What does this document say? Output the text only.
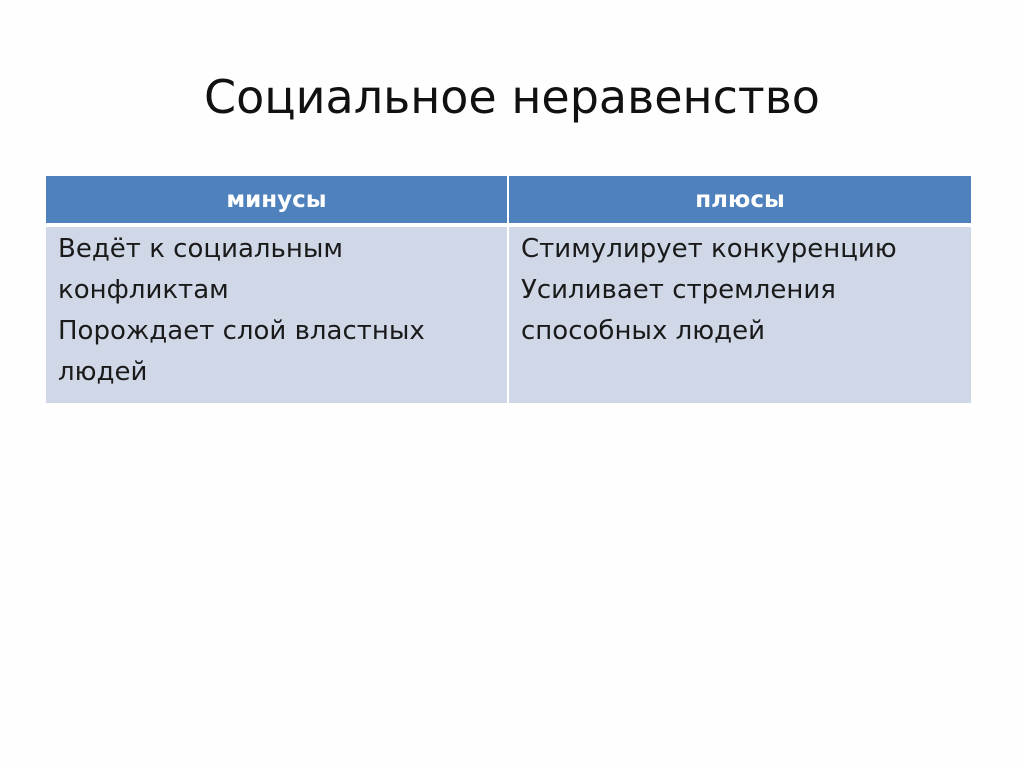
Социальное неравенство
минусы	плюсы
Ведёт к социальным
конфликтам
Порождает слой властных
людей
Стимулирует конкуренцию
Усиливает стремления
способных людей
